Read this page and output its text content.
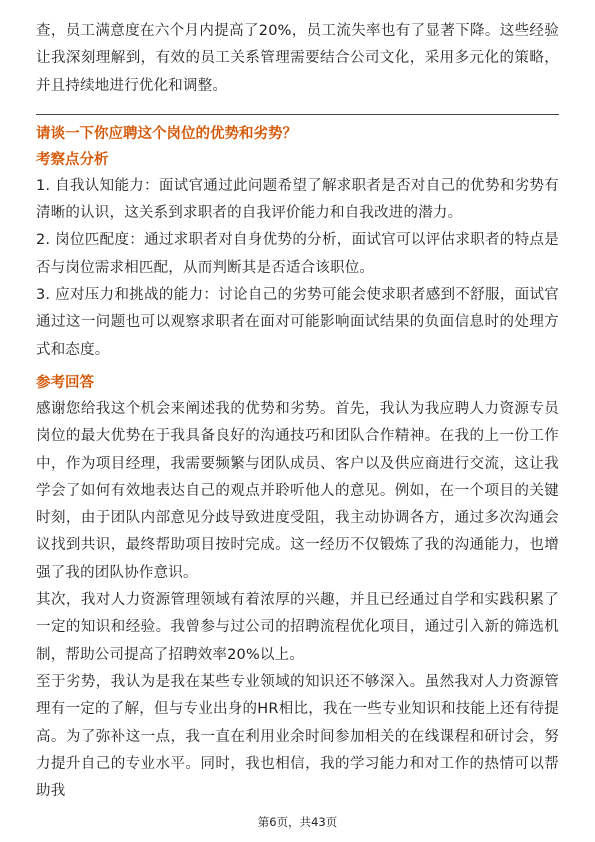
查，员工满意度在六个月内提高了20%，员工流失率也有了显著下降。这些经验让我深刻理解到，有效的员工关系管理需要结合公司文化，采用多元化的策略，并且持续地进行优化和调整。

请谈一下你应聘这个岗位的优势和劣势？
考察点分析

1. 自我认知能力：面试官通过此问题希望了解求职者是否对自己的优势和劣势有清晰的认识，这关系到求职者的自我评价能力和自我改进的潜力。

2. 岗位匹配度：通过求职者对自身优势的分析，面试官可以评估求职者的特点是否与岗位需求相匹配，从而判断其是否适合该职位。

3. 应对压力和挑战的能力：讨论自己的劣势可能会使求职者感到不舒服，面试官通过这一问题也可以观察求职者在面对可能影响面试结果的负面信息时的处理方式和态度。

参考回答

感谢您给我这个机会来阐述我的优势和劣势。首先，我认为我应聘人力资源专员岗位的最大优势在于我具备良好的沟通技巧和团队合作精神。在我的上一份工作中，作为项目经理，我需要频繁与团队成员、客户以及供应商进行交流，这让我学会了如何有效地表达自己的观点并聆听他人的意见。例如，在一个项目的关键时刻，由于团队内部意见分歧导致进度受阻，我主动协调各方，通过多次沟通会议找到共识，最终帮助项目按时完成。这一经历不仅锻炼了我的沟通能力，也增强了我的团队协作意识。

其次，我对人力资源管理领域有着浓厚的兴趣，并且已经通过自学和实践积累了一定的知识和经验。我曾参与过公司的招聘流程优化项目，通过引入新的筛选机制，帮助公司提高了招聘效率20%以上。

至于劣势，我认为是我在某些专业领域的知识还不够深入。虽然我对人力资源管理有一定的了解，但与专业出身的HR相比，我在一些专业知识和技能上还有待提高。为了弥补这一点，我一直在利用业余时间参加相关的在线课程和研讨会，努力提升自己的专业水平。同时，我也相信，我的学习能力和对工作的热情可以帮助我

第6页，共43页
